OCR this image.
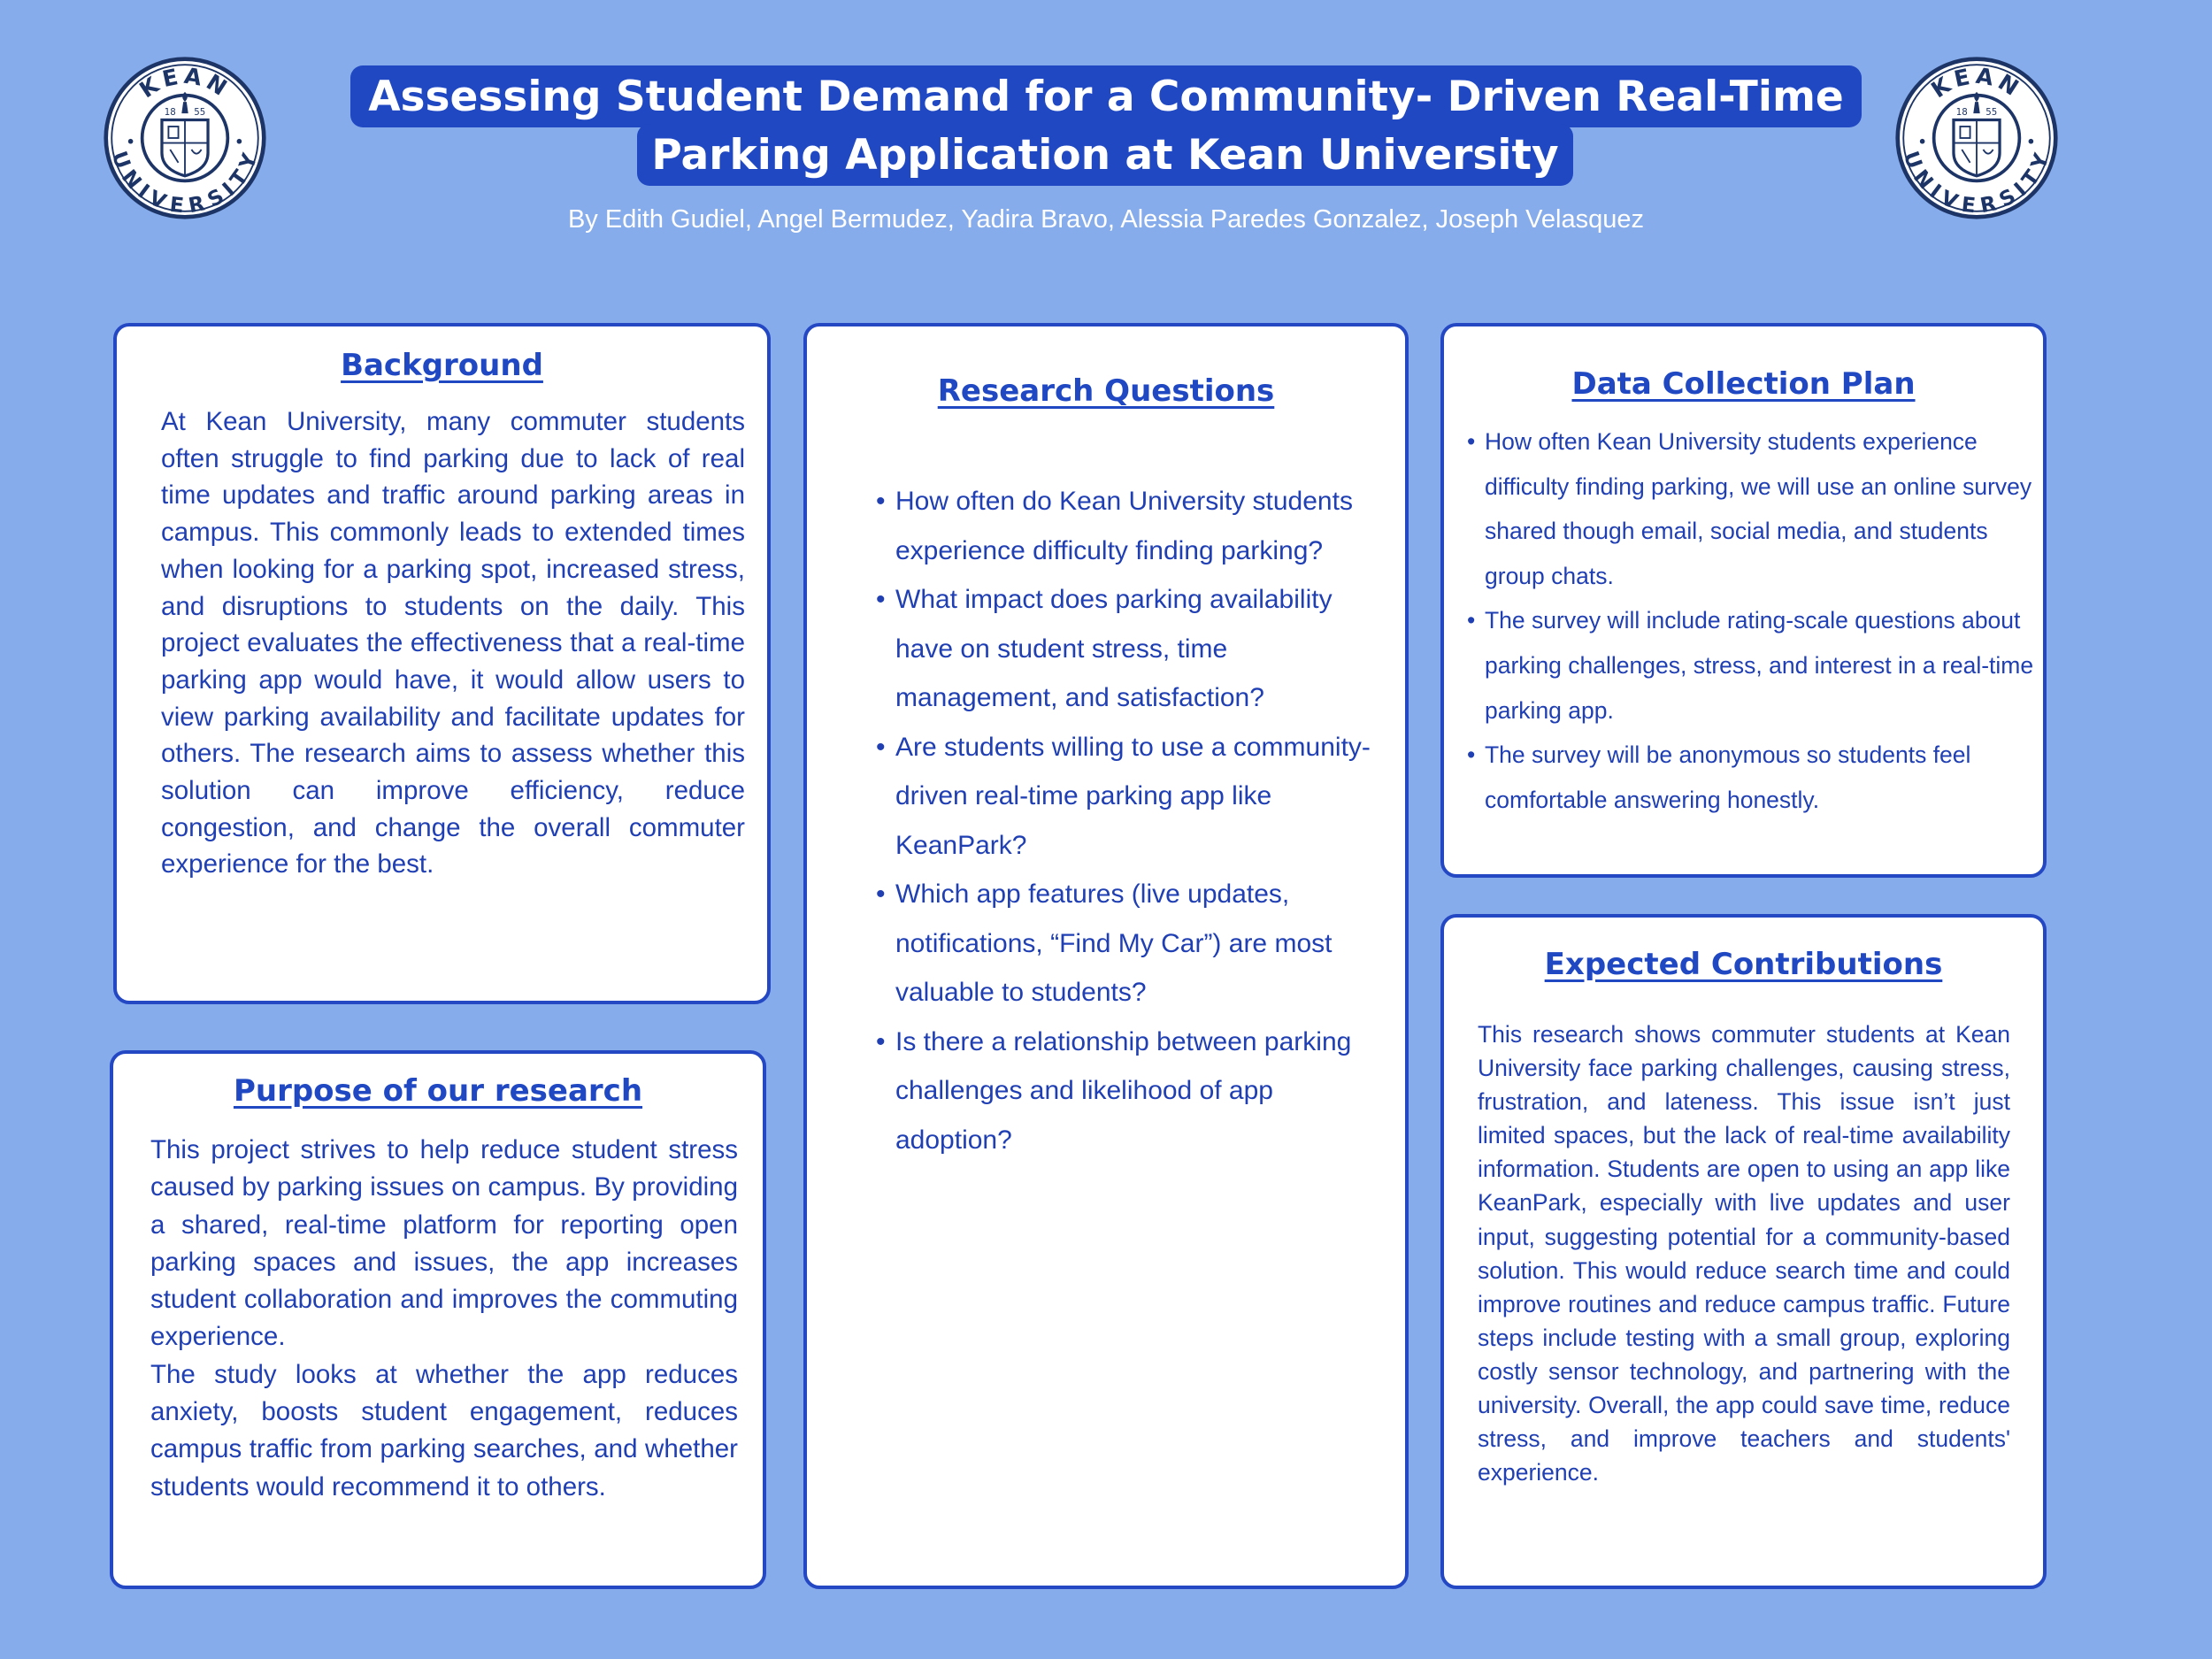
Assessing Student Demand for a Community- Driven Real-Time
Parking Application at Kean University
By Edith Gudiel, Angel Bermudez, Yadira Bravo, Alessia Paredes Gonzalez, Joseph Velasquez
KEAN
UNIVERSITY
18 55
KEAN
UNIVERSITY
18 55
Background

At Kean University, many commuter students often struggle to find parking due to lack of real time updates and traffic around parking areas in campus. This commonly leads to extended times when looking for a parking spot, increased stress, and disruptions to students on the daily. This project evaluates the effectiveness that a real-time parking app would have, it would allow users to view parking availability and facilitate updates for others. The research aims to assess whether this solution can improve efficiency, reduce congestion, and change the overall commuter experience for the best.

Purpose of our research

This project strives to help reduce student stress caused by parking issues on campus. By providing a shared, real-time platform for reporting open parking spaces and issues, the app increases student collaboration and improves the commuting experience.

The study looks at whether the app reduces anxiety, boosts student engagement, reduces campus traffic from parking searches, and whether students would recommend it to others.

Research Questions
• How often do Kean University students experience difficulty finding parking?
• What impact does parking availability have on student stress, time management, and satisfaction?
• Are students willing to use a community-driven real-time parking app like KeanPark?
• Which app features (live updates, notifications, “Find My Car”) are most valuable to students?
• Is there a relationship between parking challenges and likelihood of app adoption?
Data Collection Plan
• How often Kean University students experience difficulty finding parking, we will use an online survey shared though email, social media, and students group chats.
• The survey will include rating-scale questions about parking challenges, stress, and interest in a real-time parking app.
• The survey will be anonymous so students feel comfortable answering honestly.
Expected Contributions

This research shows commuter students at Kean University face parking challenges, causing stress, frustration, and lateness. This issue isn’t just limited spaces, but the lack of real-time availability information. Students are open to using an app like KeanPark, especially with live updates and user input, suggesting potential for a community-based solution. This would reduce search time and could improve routines and reduce campus traffic. Future steps include testing with a small group, exploring costly sensor technology, and partnering with the university. Overall, the app could save time, reduce stress, and improve teachers and students' experience.
